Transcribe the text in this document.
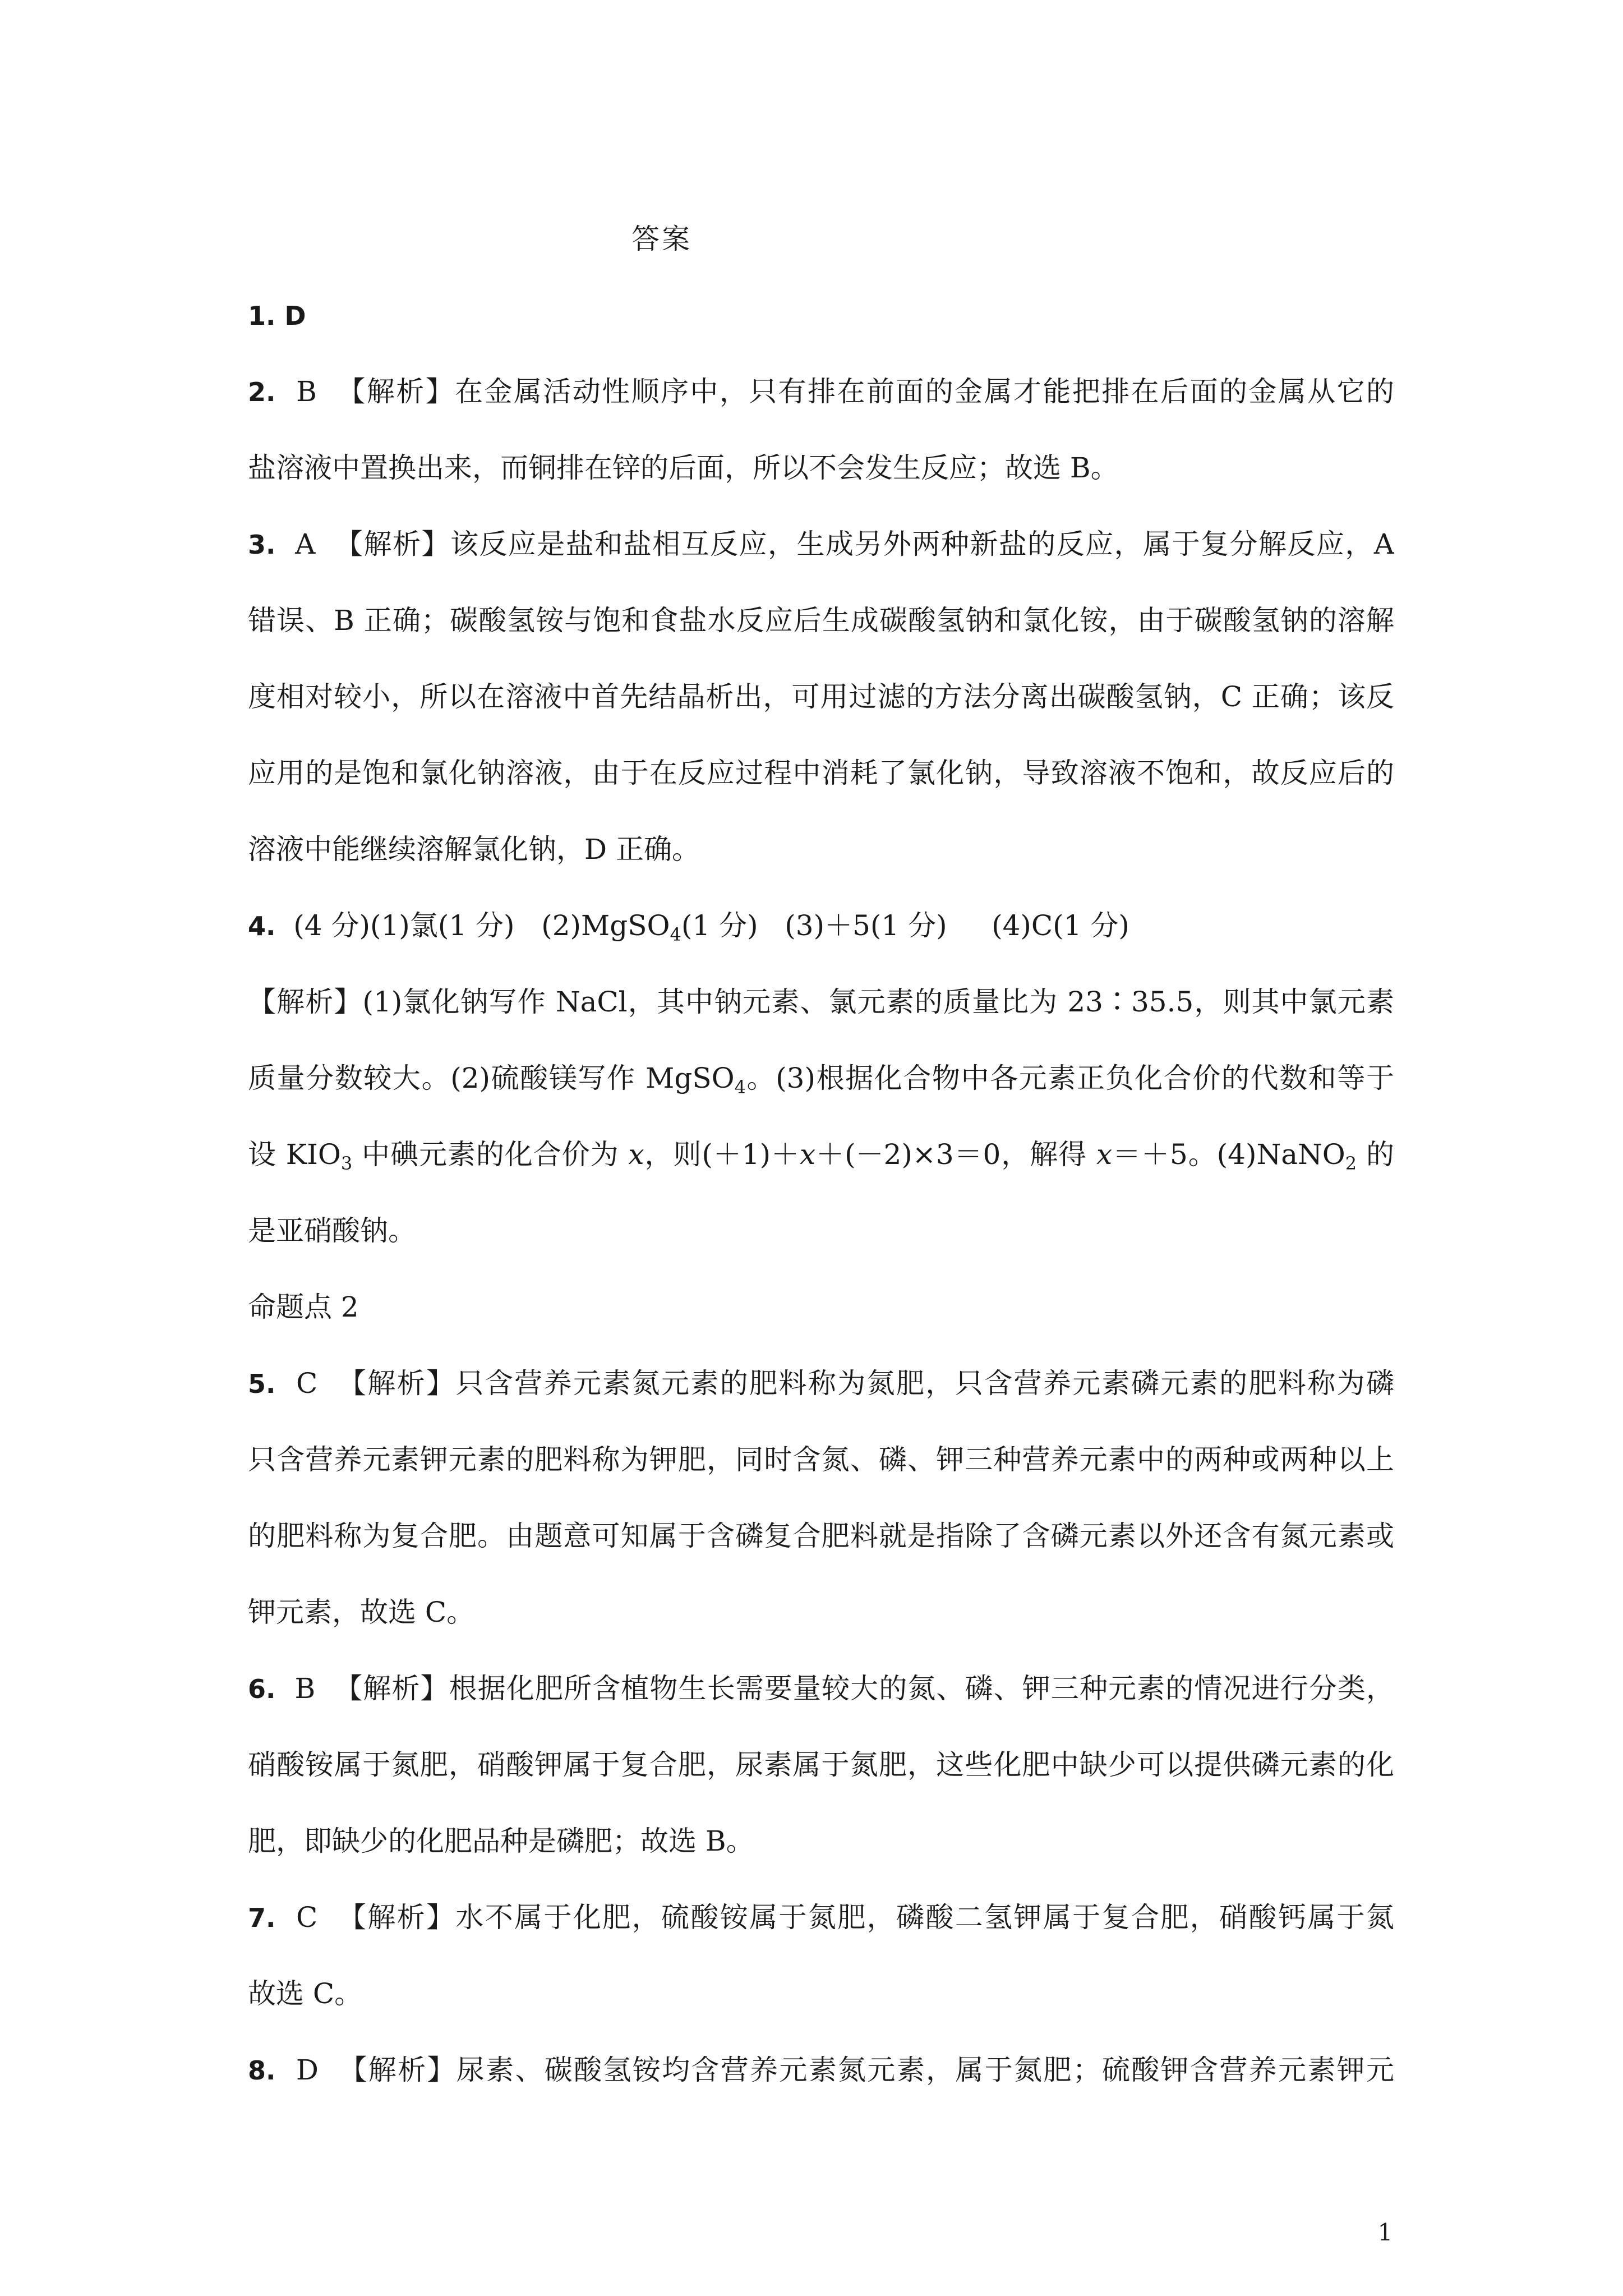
答案
1. D
2.  B  【解析】在金属活动性顺序中，只有排在前面的金属才能把排在后面的金属从它的
盐溶液中置换出来，而铜排在锌的后面，所以不会发生反应；故选 B。
3.  A  【解析】该反应是盐和盐相互反应，生成另外两种新盐的反应，属于复分解反应，A
错误、B 正确；碳酸氢铵与饱和食盐水反应后生成碳酸氢钠和氯化铵，由于碳酸氢钠的溶解
度相对较小，所以在溶液中首先结晶析出，可用过滤的方法分离出碳酸氢钠，C 正确；该反
应用的是饱和氯化钠溶液，由于在反应过程中消耗了氯化钠，导致溶液不饱和，故反应后的
溶液中能继续溶解氯化钠，D 正确。
4.  (4 分)(1)氯(1 分)   (2)MgSO$_4$(1 分)   (3)＋5(1 分)     (4)C(1 分)
【解析】(1)氯化钠写作 NaCl，其中钠元素、氯元素的质量比为 23∶35.5，则其中氯元素
质量分数较大。(2)硫酸镁写作 MgSO$_4$。(3)根据化合物中各元素正负化合价的代数和等于
设 $KIO_3$ 中碘元素的化合价为 x，则(＋1)＋x＋(－2)×3＝0，解得 x＝＋5。(4)NaNO$_2$ 的
是亚硝酸钠。
命题点 2
5.  C  【解析】只含营养元素氮元素的肥料称为氮肥，只含营养元素磷元素的肥料称为磷
只含营养元素钾元素的肥料称为钾肥，同时含氮、磷、钾三种营养元素中的两种或两种以上
的肥料称为复合肥。由题意可知属于含磷复合肥料就是指除了含磷元素以外还含有氮元素或
钾元素，故选 C。
6.  B  【解析】根据化肥所含植物生长需要量较大的氮、磷、钾三种元素的情况进行分类，
硝酸铵属于氮肥，硝酸钾属于复合肥，尿素属于氮肥，这些化肥中缺少可以提供磷元素的化
肥，即缺少的化肥品种是磷肥；故选 B。
7.  C  【解析】水不属于化肥，硫酸铵属于氮肥，磷酸二氢钾属于复合肥，硝酸钙属于氮
故选 C。
8.  D  【解析】尿素、碳酸氢铵均含营养元素氮元素，属于氮肥；硫酸钾含营养元素钾元
1
